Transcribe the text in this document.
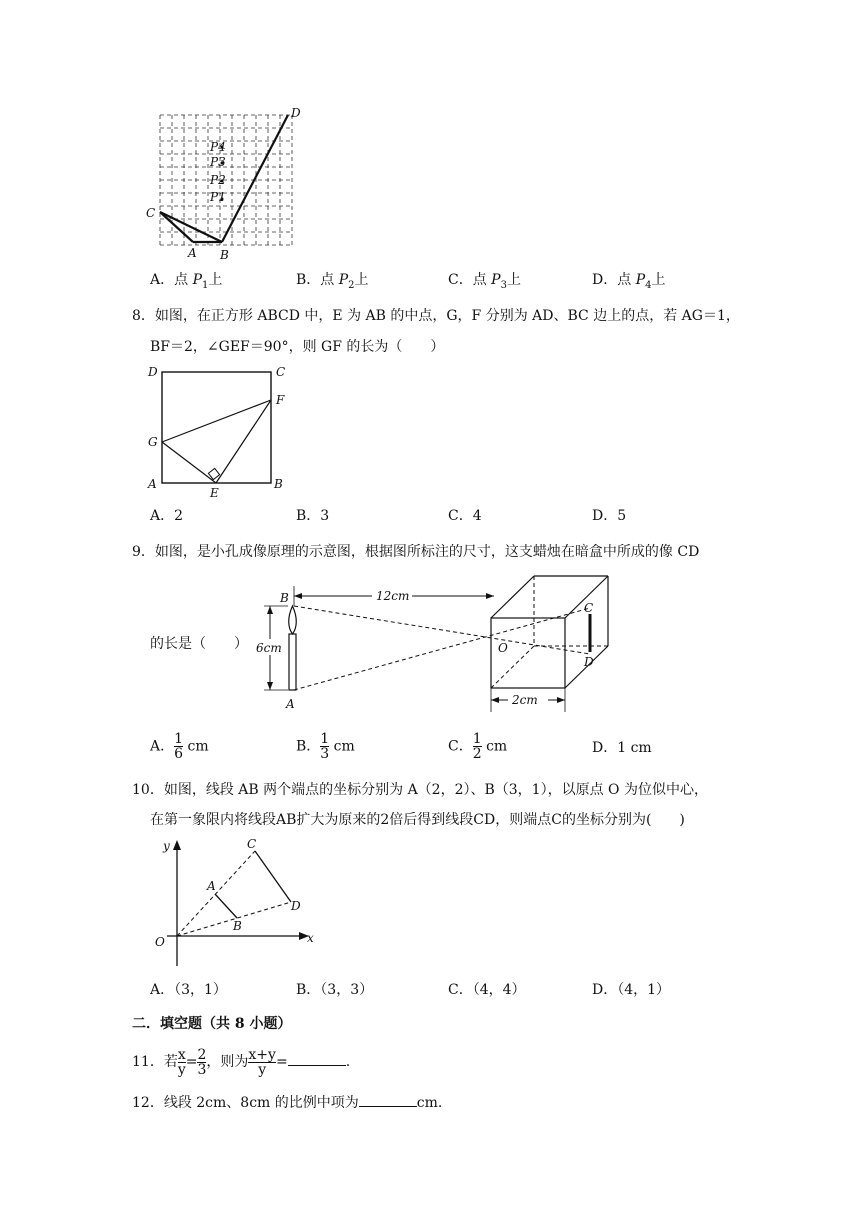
D
C
A B
P1
P2
P3
P4
A．点 $P_1$上	B．点 $P_2$上	C．点 $P_3$上	D．点 $P_4$上
8．如图，在正方形 ABCD 中，E 为 AB 的中点，G，F 分别为 AD、BC 边上的点，若 AG＝1，
BF＝2，∠GEF＝90°，则 GF 的长为（　　）
D	C
F
G
A
E
B
A．2	B．3	C．4	D．5
9．如图，是小孔成像原理的示意图，根据图所标注的尺寸，这支蜡烛在暗盒中所成的像 CD
的长是（　　）
B
A
O
C
D
12cm
6cm
2cm
A． $\frac{1}{6}$ cm	B． $\frac{1}{3}$ cm	C． $\frac{1}{2}$ cm	D．1 cm
10．如图，线段 AB 两个端点的坐标分别为 A（2，2）、B（3，1），以原点 O 为位似中心，
在第一象限内将线段AB扩大为原来的2倍后得到线段CD，则端点C的坐标分别为(　　)
y
x
O
A
B
C
D
A．（3，1）	B．（3，3）	C．（4，4）	D．（4，1）
二．填空题（共 8 小题）
11．若 $\frac{x}{y} = \frac{2}{3}$ ，则为 $\frac{x+y}{y}$ =	.
12．线段 2cm、8cm 的比例中项为	cm.
